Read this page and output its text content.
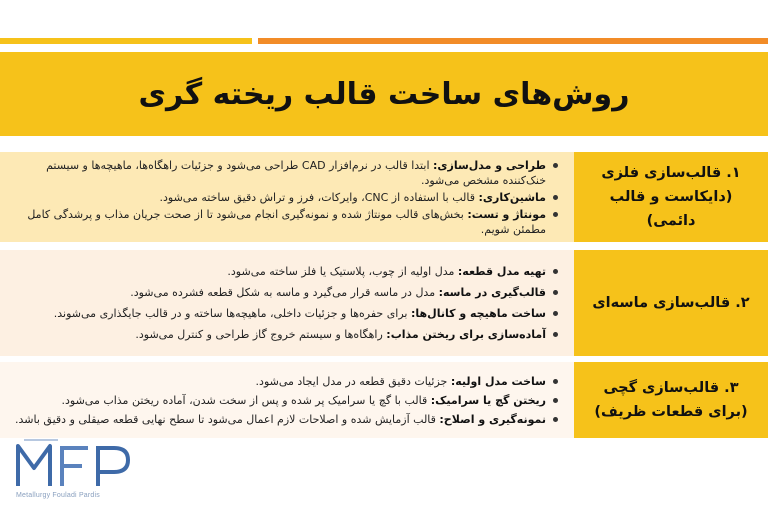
روش‌های ساخت قالب ریخته گری
۱. قالب‌سازی فلزی
(دایکاست و قالب دائمی)
طراحی و مدل‌سازی: ابتدا قالب در نرم‌افزار CAD طراحی می‌شود و جزئیات راهگاه‌ها، ماهیچه‌ها و سیستم خنک‌کننده مشخص می‌شود.
ماشین‌کاری: قالب با استفاده از CNC، وایرکات، فرز و تراش دقیق ساخته می‌شود.
مونتاژ و تست: بخش‌های قالب مونتاژ شده و نمونه‌گیری انجام می‌شود تا از صحت جریان مذاب و پرشدگی کامل مطمئن شویم.
۲. قالب‌سازی ماسه‌ای
تهیه مدل قطعه: مدل اولیه از چوب، پلاستیک یا فلز ساخته می‌شود.
قالب‌گیری در ماسه: مدل در ماسه قرار می‌گیرد و ماسه به شکل قطعه فشرده می‌شود.
ساخت ماهیچه و کانال‌ها: برای حفره‌ها و جزئیات داخلی، ماهیچه‌ها ساخته و در قالب جایگذاری می‌شوند.
آماده‌سازی برای ریختن مذاب: راهگاه‌ها و سیستم خروج گاز طراحی و کنترل می‌شود.
۳. قالب‌سازی گچی
(برای قطعات ظریف)
ساخت مدل اولیه: جزئیات دقیق قطعه در مدل ایجاد می‌شود.
ریختن گچ یا سرامیک: قالب با گچ یا سرامیک پر شده و پس از سخت شدن، آماده ریختن مذاب می‌شود.
نمونه‌گیری و اصلاح: قالب آزمایش شده و اصلاحات لازم اعمال می‌شود تا سطح نهایی قطعه صیقلی و دقیق باشد.
Metallurgy Fouladi Pardis
